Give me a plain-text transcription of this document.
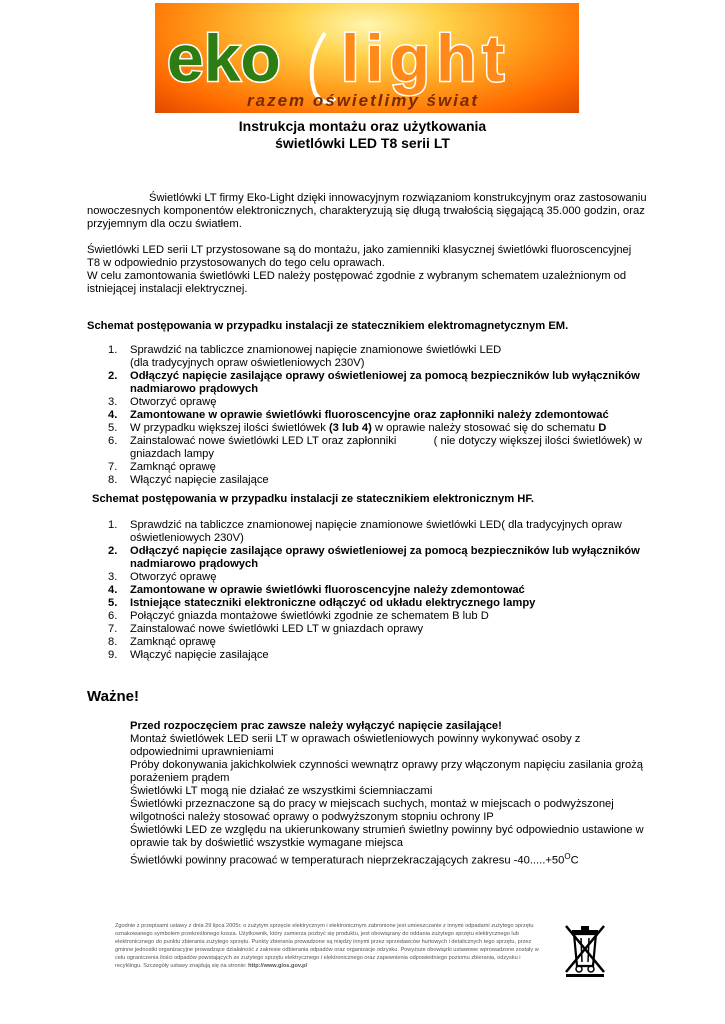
eko light
razem oświetlimy świat
Instrukcja montażu oraz użytkowania
świetlówki LED T8 serii LT
Świetlówki LT firmy Eko-Light dzięki innowacyjnym rozwiązaniom konstrukcyjnym oraz zastosowaniu nowoczesnych komponentów elektronicznych, charakteryzują się długą trwałością sięgającą 35.000 godzin, oraz przyjemnym dla oczu światłem.
Świetlówki LED serii LT przystosowane są do montażu, jako zamienniki klasycznej świetlówki fluoroscencyjnej T8 w odpowiednio przystosowanych do tego celu oprawach.
W celu zamontowania świetlówki LED należy postępować zgodnie z wybranym schematem uzależnionym od istniejącej instalacji elektrycznej.
Schemat postępowania w przypadku instalacji ze statecznikiem elektromagnetycznym EM.
1. Sprawdzić na tabliczce znamionowej napięcie znamionowe świetlówki LED
(dla tradycyjnych opraw oświetleniowych 230V)
2. Odłączyć napięcie zasilające oprawy oświetleniowej za pomocą bezpieczników lub wyłączników nadmiarowo prądowych
3. Otworzyć oprawę
4. Zamontowane w oprawie świetlówki fluoroscencyjne oraz zapłonniki należy zdemontować
5. W przypadku większej ilości świetlówek (3 lub 4) w oprawie należy stosować się do schematu D
6. Zainstalować nowe świetlówki LED LT oraz zapłonniki            ( nie dotyczy większej ilości świetlówek) w gniazdach lampy
7. Zamknąć oprawę
8. Włączyć napięcie zasilające
Schemat postępowania w przypadku instalacji ze statecznikiem elektronicznym HF.
1. Sprawdzić na tabliczce znamionowej napięcie znamionowe świetlówki LED( dla tradycyjnych opraw oświetleniowych 230V)
2. Odłączyć napięcie zasilające oprawy oświetleniowej za pomocą bezpieczników lub wyłączników nadmiarowo prądowych
3. Otworzyć oprawę
4. Zamontowane w oprawie świetlówki fluoroscencyjne należy zdemontować
5. Istniejące stateczniki elektroniczne odłączyć od układu elektrycznego lampy
6. Połączyć gniazda montażowe świetlówki zgodnie ze schematem B lub D
7. Zainstalować nowe świetlówki LED LT w gniazdach oprawy
8. Zamknąć oprawę
9. Włączyć napięcie zasilające
Ważne!
Przed rozpoczęciem prac zawsze należy wyłączyć napięcie zasilające!
Montaż świetlówek LED serii LT w oprawach oświetleniowych powinny wykonywać osoby z odpowiednimi uprawnieniami
Próby dokonywania jakichkolwiek czynności wewnątrz oprawy przy włączonym napięciu zasilania grożą porażeniem prądem
Świetlówki LT mogą nie działać ze wszystkimi ściemniaczami
Świetlówki przeznaczone są do pracy w miejscach suchych, montaż w miejscach o podwyższonej wilgotności należy stosować oprawy o podwyższonym stopniu ochrony IP
Świetlówki LED ze względu na ukierunkowany strumień świetlny powinny być odpowiednio ustawione w oprawie tak by doświetlić wszystkie wymagane miejsca
Świetlówki powinny pracować w temperaturach nieprzekraczających zakresu $-40.....+50^OC$
Zgodnie z przepisami ustawy z dnia 29 lipca 2005r. o zużytym sprzęcie elektrycznym i elektronicznym zabronione jest umieszczanie z innymi odpadami zużytego sprzętu oznakowanego symbolem przekreślonego kosza. Użytkownik, który zamierza pozbyć się produktu, jest obowiązany do oddania zużytego sprzętu elektrycznego lub elektronicznego do punktu zbierania zużytego sprzętu. Punkty zbierania prowadzone są między innymi przez sprzedawców hurtowych i detalicznych tego sprzętu, przez gminne jednostki organizacyjne prowadzące działalność z zakresie odbierania odpadów oraz organizacje odzysku. Powyższe obowiązki ustawowe wprowadzone zostały w celu ograniczenia ilości odpadów powstających ze zużytego sprzętu elektrycznego i elektronicznego oraz zapewnienia odpowiedniego poziomu zbierania, odzysku i recyklingu. Szczegóły ustawy znajdują się na stronie: http://www.gios.gov.pl
